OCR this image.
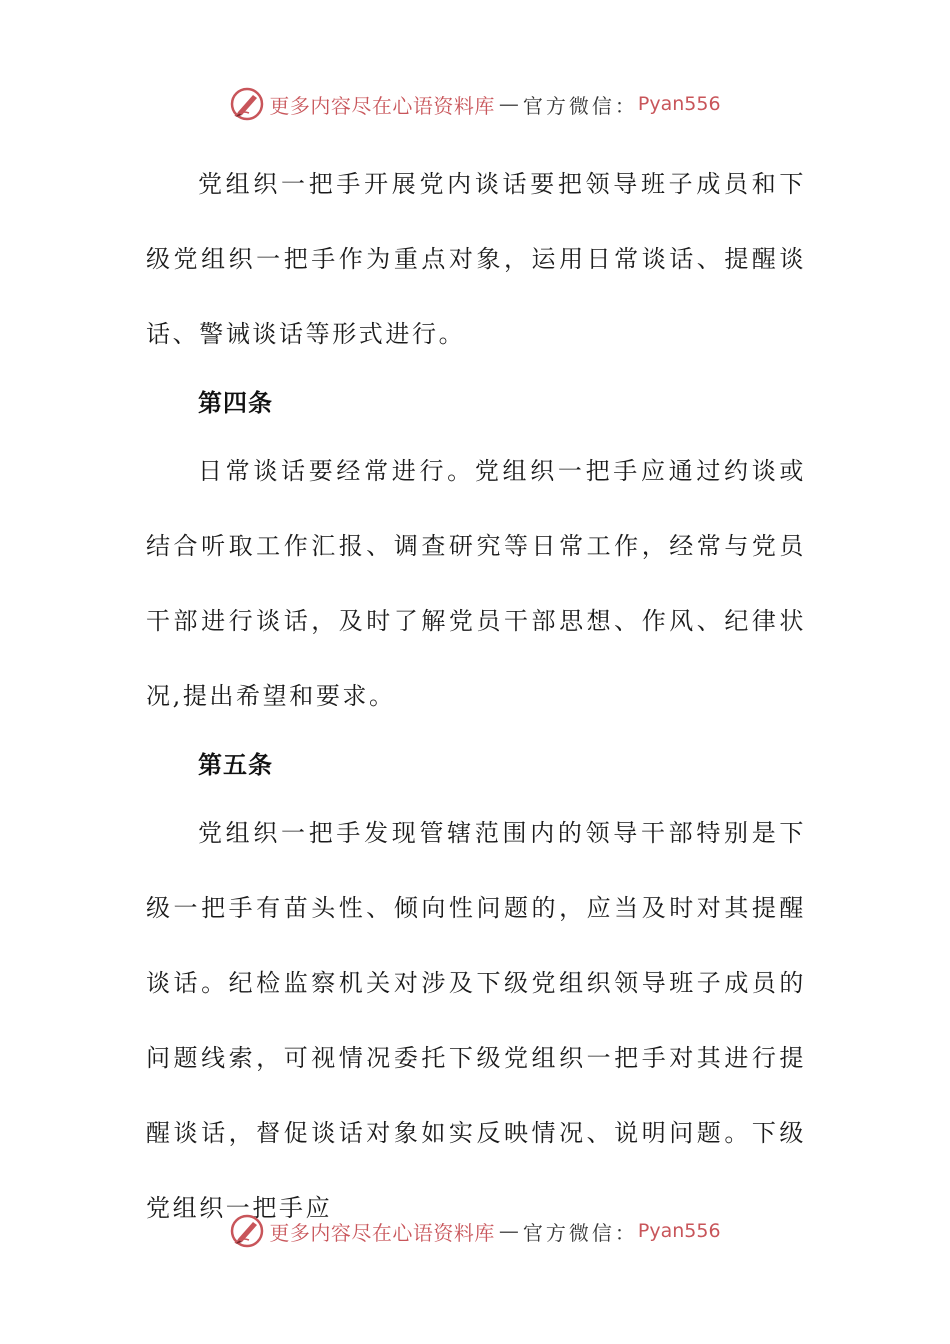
更多内容尽在心语资料库 — 官方微信： Pyan556

党组织一把手开展党内谈话要把领导班子成员和下级党组织一把手作为重点对象，运用日常谈话、提醒谈话、警诫谈话等形式进行。

第四条

日常谈话要经常进行。党组织一把手应通过约谈或结合听取工作汇报、调查研究等日常工作，经常与党员干部进行谈话，及时了解党员干部思想、作风、纪律状况,提出希望和要求。

第五条

党组织一把手发现管辖范围内的领导干部特别是下级一把手有苗头性、倾向性问题的，应当及时对其提醒谈话。纪检监察机关对涉及下级党组织领导班子成员的问题线索，可视情况委托下级党组织一把手对其进行提醒谈话，督促谈话对象如实反映情况、说明问题。下级党组织一把手应

更多内容尽在心语资料库 — 官方微信： Pyan556
